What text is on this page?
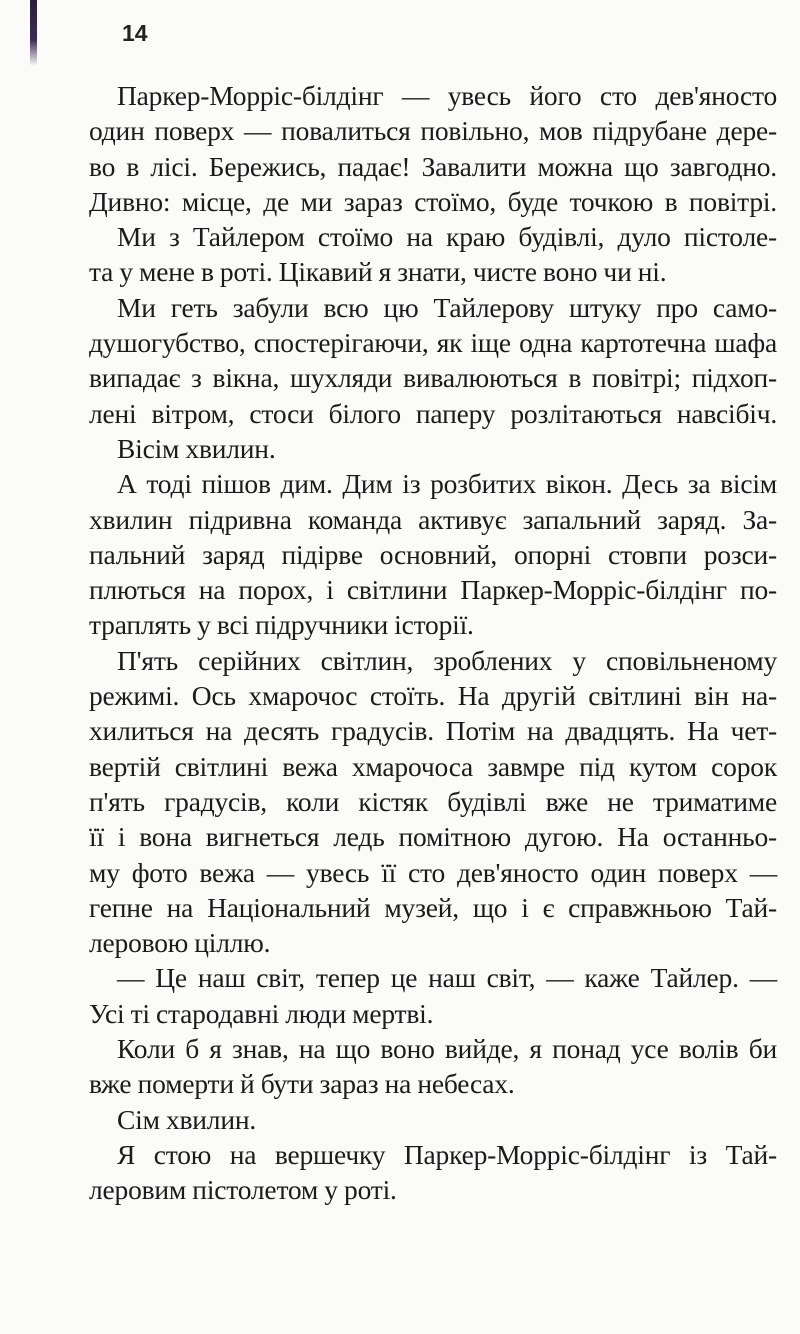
14
Паркер-Морріс-білдінг — увесь його сто дев'яносто
один поверх — повалиться повільно, мов підрубане дере-
во в лісі. Бережись, падає! Завалити можна що завгодно.
Дивно: місце, де ми зараз стоїмо, буде точкою в повітрі.
Ми з Тайлером стоїмо на краю будівлі, дуло пістоле-
та у мене в роті. Цікавий я знати, чисте воно чи ні.
Ми геть забули всю цю Тайлерову штуку про само-
душогубство, спостерігаючи, як іще одна картотечна шафа
випадає з вікна, шухляди вивалюються в повітрі; підхоп-
лені вітром, стоси білого паперу розлітаються навсібіч.
Вісім хвилин.
А тоді пішов дим. Дим із розбитих вікон. Десь за вісім
хвилин підривна команда активує запальний заряд. За-
пальний заряд підірве основний, опорні стовпи розси-
плються на порох, і світлини Паркер-Морріс-білдінг по-
траплять у всі підручники історії.
П'ять серійних світлин, зроблених у сповільненому
режимі. Ось хмарочос стоїть. На другій світлині він на-
хилиться на десять градусів. Потім на двадцять. На чет-
вертій світлині вежа хмарочоса завмре під кутом сорок
п'ять градусів, коли кістяк будівлі вже не триматиме
її і вона вигнеться ледь помітною дугою. На останньо-
му фото вежа — увесь її сто дев'яносто один поверх —
гепне на Національний музей, що і є справжньою Тай-
леровою ціллю.
— Це наш світ, тепер це наш світ, — каже Тайлер. —
Усі ті стародавні люди мертві.
Коли б я знав, на що воно вийде, я понад усе волів би
вже померти й бути зараз на небесах.
Сім хвилин.
Я стою на вершечку Паркер-Морріс-білдінг із Тай-
леровим пістолетом у роті.
